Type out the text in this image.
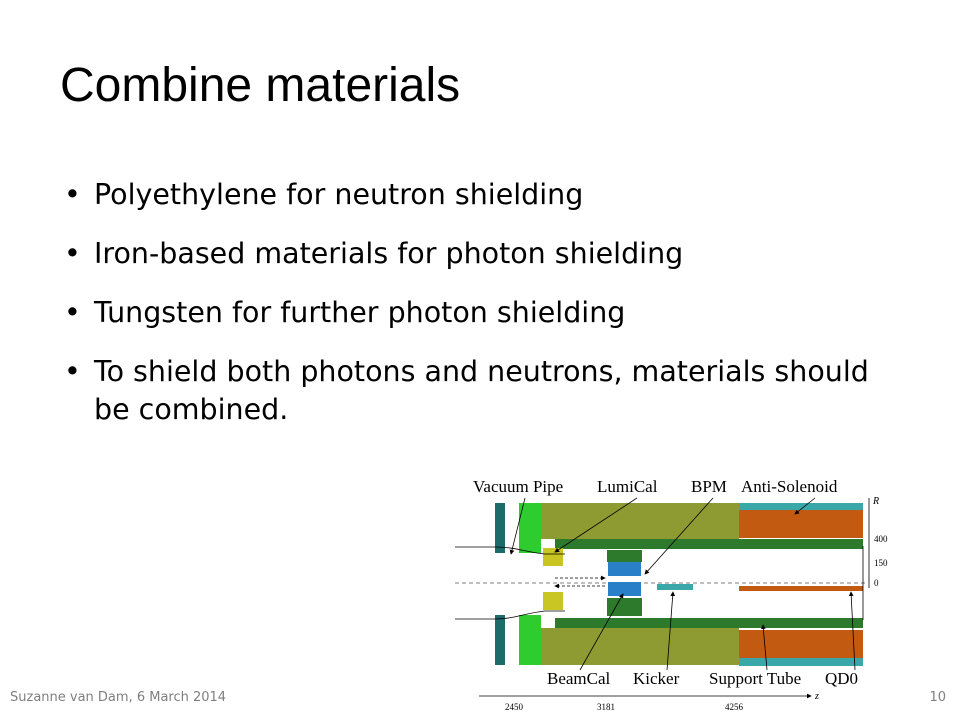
Combine materials
• Polyethylene for neutron shielding
• Iron-based materials for photon shielding
• Tungsten for further photon shielding
• To shield both photons and neutrons, materials should be combined.
Vacuum Pipe LumiCal BPM Anti-Solenoid
R
400
150
0
BeamCal Kicker Support Tube QD0
z
2450	3181	4256
Suzanne van Dam, 6 March 2014	10
